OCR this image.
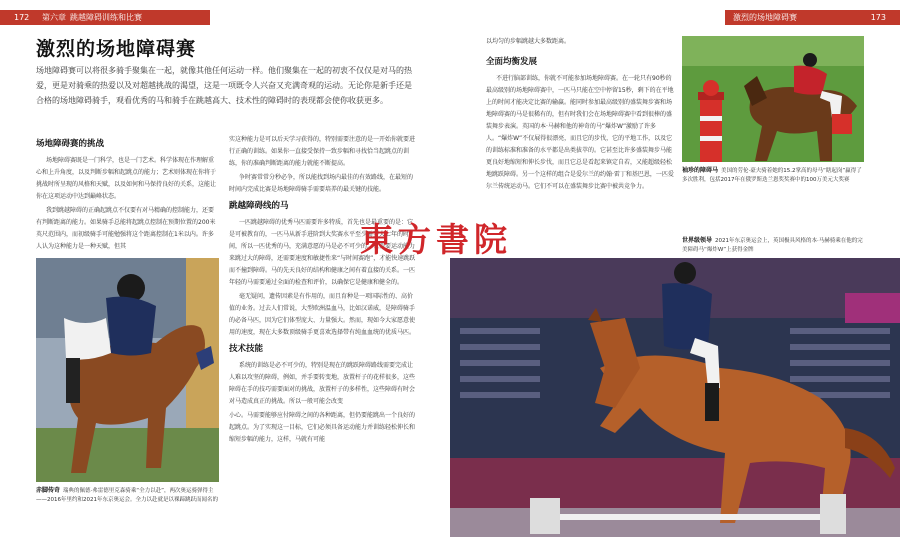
172 第六章 跳越障碍训练和比赛
激烈的场地障碍赛
场地障碍赛可以将很多骑手聚集在一起，就像其他任何运动一样。他们聚集在一起的初衷不仅仅是对马的热爱，更是对骑乘的热爱以及对超越挑战的渴望，这是一项既令人兴奋又充满奇观的运动。无论你是新手还是合格的场地障碍骑手，观看优秀的马和骑手在跳越高大、技术性的障碍时的表现都会使你收获更多。
场地障碍赛的挑战

场地障碍赛既是一门科学，也是一门艺术。科学体现在作理解重心和上升角度，以及判断步幅和起跳点的能力；艺术则体现在你将于挑战时所呈现的风格和天赋，以及如何和马保持良好的关系，这能让你在这项运动中达到巅峰状态。

我到跳越障碍的正确起跳点不仅要有对马精确的控制能力，还要有判断距离的能力。如果骑手总能将起跳点控制在预期位置的200米英尺范围内，而初级骑手可能勉强将这个距离控制在1米以内。许多人认为这种能力是一种天赋，但其

赤脚传奇 瑞典的佩德·弗雷德里克森骑乘“全力以赴”，两次奥运骑弹得主——2016年里约和2021年东京奥运会。全力以赴就是以裸蹄跳跃而闻名的

实这种能力是可以后天学习获得的，特别需要注意的是一开始你就要进行正确的训练。如果你一直接受保持一致步幅和寻找恰当起跳点的训练，你的准确判断距离的能力就能不断提高。

争时赛常常分秒必争，所以能找到场内最佳的有效路线，在最短的时间内完成比赛是场地障碍骑手需要培养的最关键的技能。

跳越障碍线的马

一匹跳越障碍的优秀马匹需要许多特质，首先也是最重要的是：它是可被教育的，一匹马从新手进阶到大奖赛水平至少需要大七年的时间，所以一匹优秀的马，充满意愿的马是必不可少的。它需要运动能力来跳过大的障碍，还需要速度和敏捷性来“与时间赛跑”，才能快速跳跃而不撞到障碍。马的先天良好的结构和健康之间有着直接的关系。一匹年轻的马需要通过全面的检查和评价，以确保它是健康和健全的。

毫无疑问，遗传因素是有作用的，而且育种是一项国际性的、高价值的业务。过去人们常说，大型欧洲温血马，比如汉诺威，是障碍骑手的必备马匹，因为它们体型庞大、力量强大。然而，现如今大家愿意使用的速度，现在大多数顶级骑手更喜欢选择带有纯血血统的优质马匹。

技术技能

系统的训练是必不可少的，特别是现在的跳跃障碍路线需要完成让人难以攻坚的障碍，例如，并手要转变地，放置杆子的花样很多，这些障碍在手的技巧需要面对的挑战，放置杆子的多样性，这些障碍有时会对马造成真正的挑战。所以一般可能会改变

小心。马需要能够应付障碍之间的各种距离，但仍要能跳出一个良好的起跳点。为了实现这一目标，它们必须具备运动能力并训练轻松伸长和缩短步幅的能力，这样，马就有可能

激烈的场地障碍赛	173

以均匀的步幅跳越大多数距离。

全面均衡发展

不进行脑部训练，你就不可能参加场地障碍赛。在一轮只有90秒的最高级别的场地障碍赛中，一匹马只能在空中停留15秒，剩下的在平地上的时间才能决定比赛的输赢。能同时参加最高级别的盛装舞步赛和场地障碍赛的马是很稀有的，但有时我们会在场地障碍赛中看到很棒的盛装舞步表演。英国的本·马赫和他的神奇的马“爆炸W”激励了许多人。“爆炸W”不仅展得很漂亮，而且它的步伐，它的平地工作，以及它的训练标准和准备的水平都是出类拔萃的。它甚至比许多盛装舞步马能更良好地缩短和伸长步伐，而且它总是看起来镇定自若，又能超级轻松地跳跃障碍。另一个这样的组合是爱尔兰的约翰·雷丁和基巴恩，一匹爱尔兰传统运动马。它们不可以在盛装舞步比赛中被共竞争力。

袖珍的障碍马 美国的劳伦·豪夫骑着她的15.2掌高的母马“瞎起岗”赢得了多次胜利，包括2017年在俄罗斯迭兰恩奖奖赛中的100万美元大奖赛
世界级领导 2021年东京奥运会上，英国极具风格的本·马赫骑乘在他的完美障碍马“爆炸W”上获得金牌
東方書院
